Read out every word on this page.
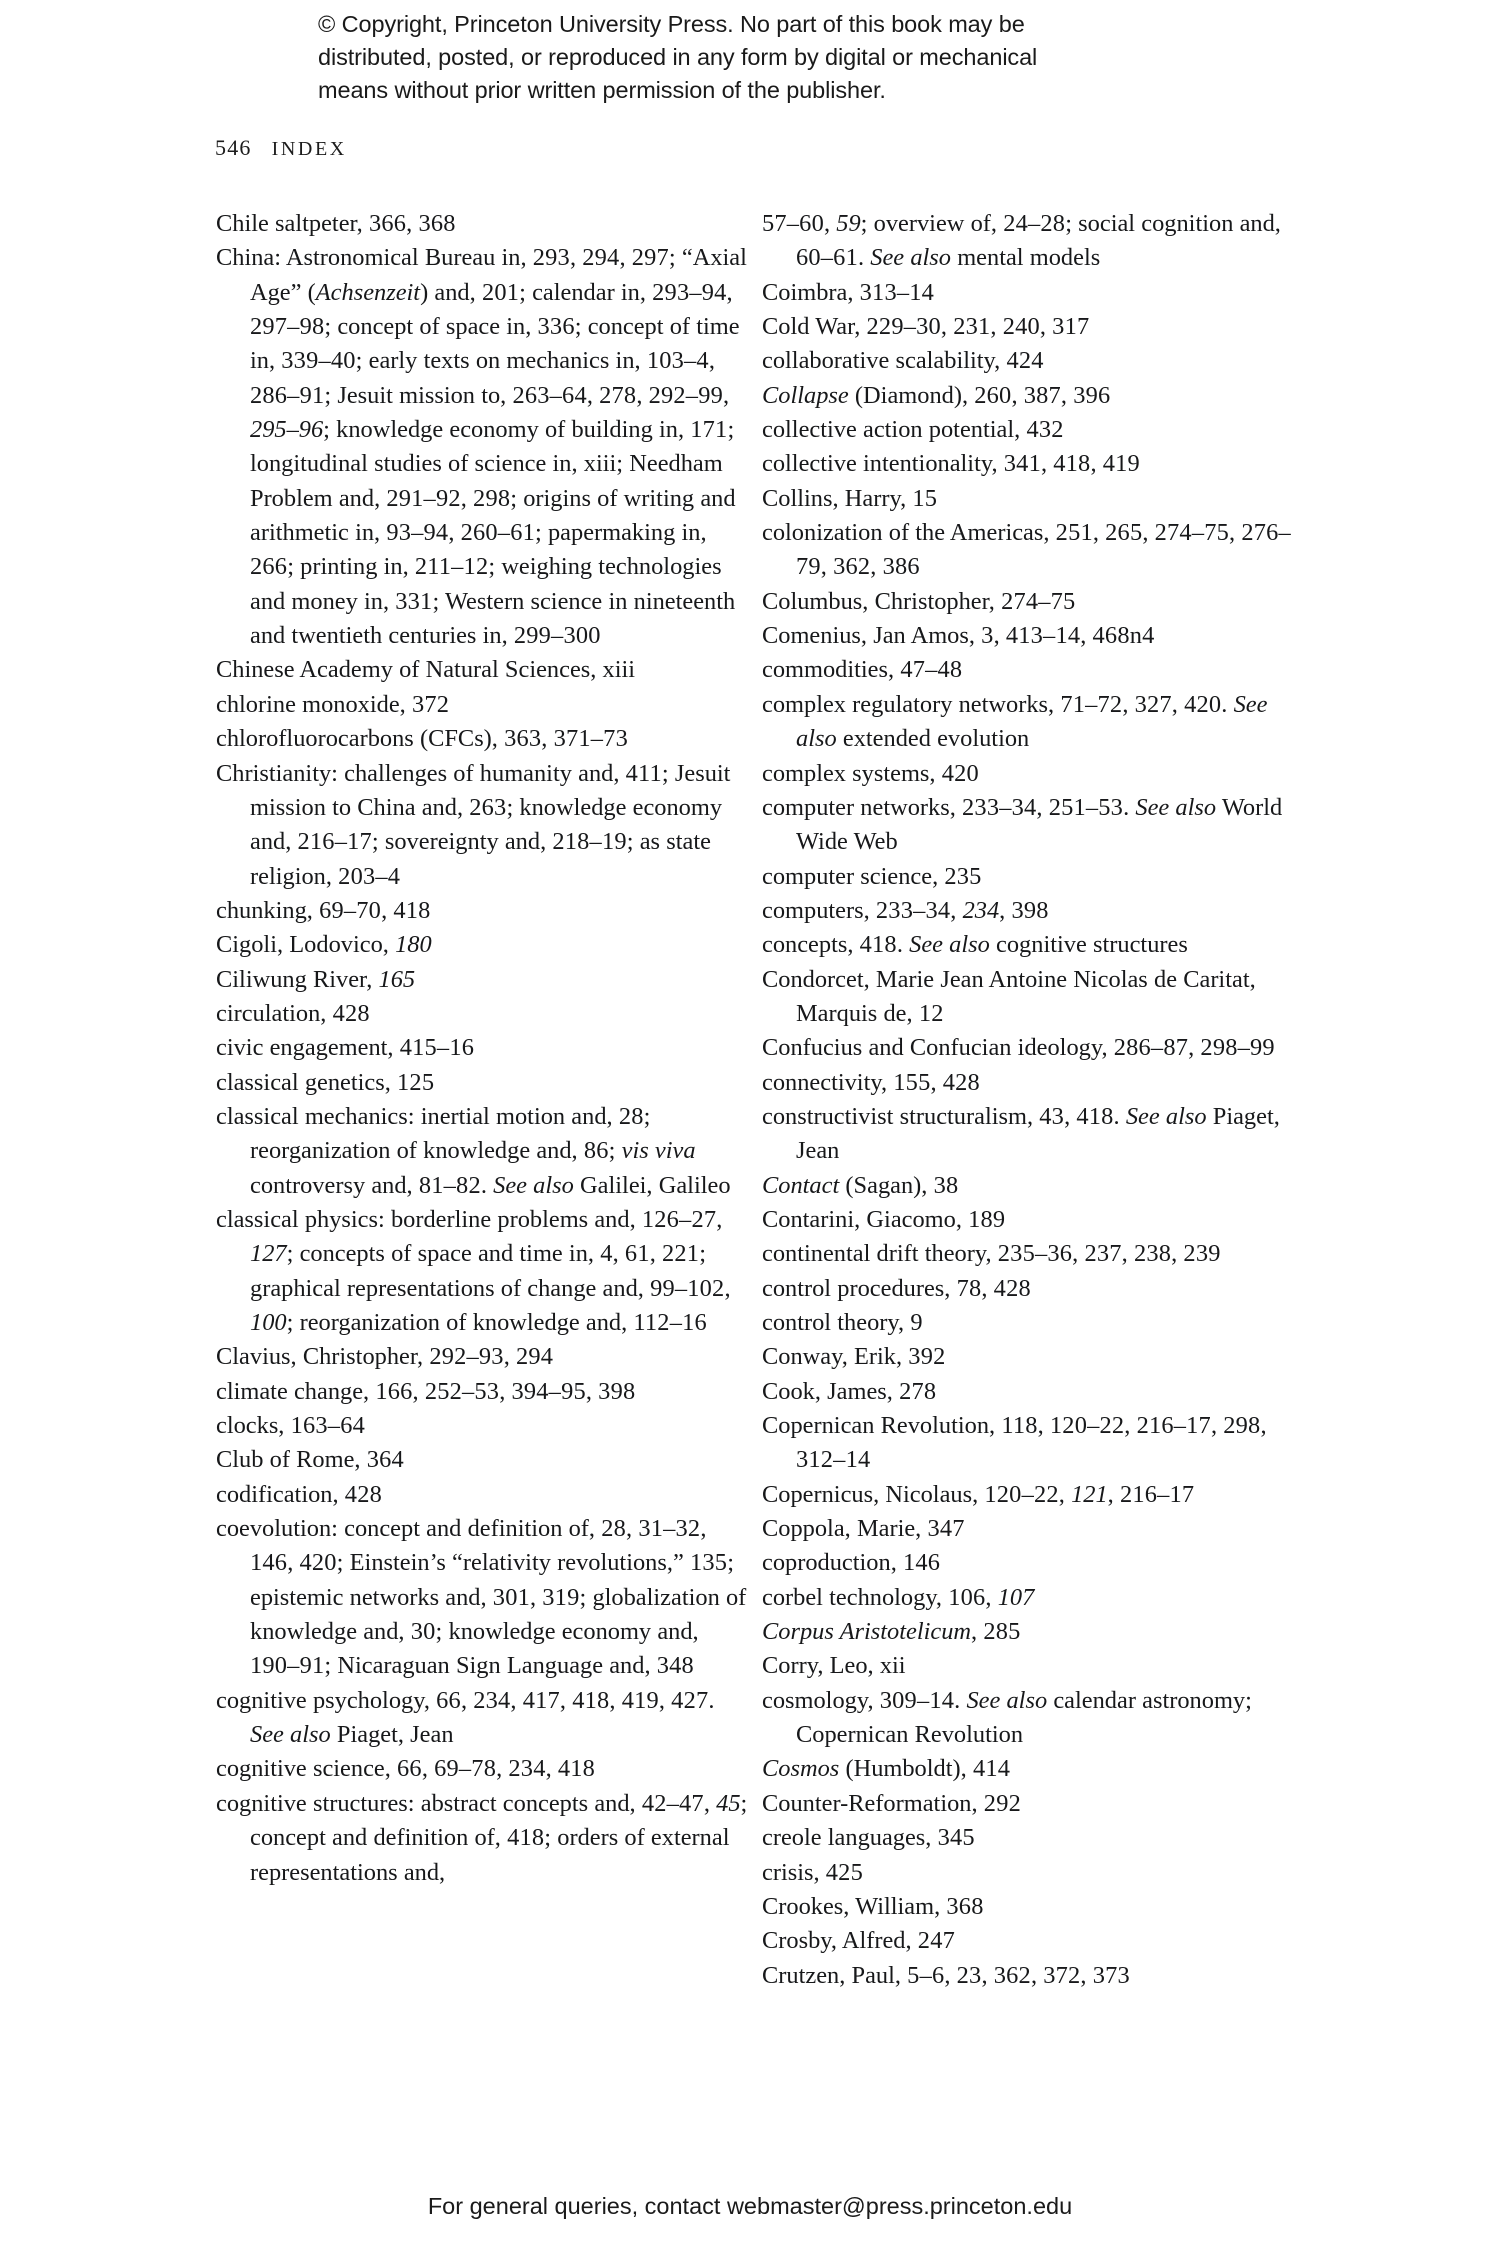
© Copyright, Princeton University Press. No part of this book may be
distributed, posted, or reproduced in any form by digital or mechanical
means without prior written permission of the publisher.
546 INDEX

Chile saltpeter, 366, 368

China: Astronomical Bureau in, 293, 294, 297; “Axial Age” (Achsenzeit) and, 201; calendar in, 293–94, 297–98; concept of space in, 336; concept of time in, 339–40; early texts on mechanics in, 103–4, 286–91; Jesuit mission to, 263–64, 278, 292–99, 295–96; knowledge economy of building in, 171; longitudinal studies of science in, xiii; Needham Problem and, 291–92, 298; origins of writing and arithmetic in, 93–94, 260–61; papermaking in, 266; printing in, 211–12; weighing technologies and money in, 331; Western science in nineteenth and twentieth centuries in, 299–300

Chinese Academy of Natural Sciences, xiii

chlorine monoxide, 372

chlorofluorocarbons (CFCs), 363, 371–73

Christianity: challenges of humanity and, 411; Jesuit mission to China and, 263; knowledge economy and, 216–17; sovereignty and, 218–19; as state religion, 203–4

chunking, 69–70, 418

Cigoli, Lodovico, 180

Ciliwung River, 165

circulation, 428

civic engagement, 415–16

classical genetics, 125

classical mechanics: inertial motion and, 28; reorganization of knowledge and, 86; vis viva controversy and, 81–82. See also Galilei, Galileo

classical physics: borderline problems and, 126–27, 127; concepts of space and time in, 4, 61, 221; graphical representations of change and, 99–102, 100; reorganization of knowledge and, 112–16

Clavius, Christopher, 292–93, 294

climate change, 166, 252–53, 394–95, 398

clocks, 163–64

Club of Rome, 364

codification, 428

coevolution: concept and definition of, 28, 31–32, 146, 420; Einstein’s “relativity revolutions,” 135; epistemic networks and, 301, 319; globalization of knowledge and, 30; knowledge economy and, 190–91; Nicaraguan Sign Language and, 348

cognitive psychology, 66, 234, 417, 418, 419, 427. See also Piaget, Jean

cognitive science, 66, 69–78, 234, 418

cognitive structures: abstract concepts and, 42–47, 45; concept and definition of, 418; orders of external representations and,

57–60, 59; overview of, 24–28; social cognition and, 60–61. See also mental models

Coimbra, 313–14

Cold War, 229–30, 231, 240, 317

collaborative scalability, 424

Collapse (Diamond), 260, 387, 396

collective action potential, 432

collective intentionality, 341, 418, 419

Collins, Harry, 15

colonization of the Americas, 251, 265, 274–75, 276–79, 362, 386

Columbus, Christopher, 274–75

Comenius, Jan Amos, 3, 413–14, 468n4

commodities, 47–48

complex regulatory networks, 71–72, 327, 420. See also extended evolution

complex systems, 420

computer networks, 233–34, 251–53. See also World Wide Web

computer science, 235

computers, 233–34, 234, 398

concepts, 418. See also cognitive structures

Condorcet, Marie Jean Antoine Nicolas de Caritat, Marquis de, 12

Confucius and Confucian ideology, 286–87, 298–99

connectivity, 155, 428

constructivist structuralism, 43, 418. See also Piaget, Jean

Contact (Sagan), 38

Contarini, Giacomo, 189

continental drift theory, 235–36, 237, 238, 239

control procedures, 78, 428

control theory, 9

Conway, Erik, 392

Cook, James, 278

Copernican Revolution, 118, 120–22, 216–17, 298, 312–14

Copernicus, Nicolaus, 120–22, 121, 216–17

Coppola, Marie, 347

coproduction, 146

corbel technology, 106, 107

Corpus Aristotelicum, 285

Corry, Leo, xii

cosmology, 309–14. See also calendar astronomy; Copernican Revolution

Cosmos (Humboldt), 414

Counter-Reformation, 292

creole languages, 345

crisis, 425

Crookes, William, 368

Crosby, Alfred, 247

Crutzen, Paul, 5–6, 23, 362, 372, 373

For general queries, contact webmaster@press.princeton.edu
